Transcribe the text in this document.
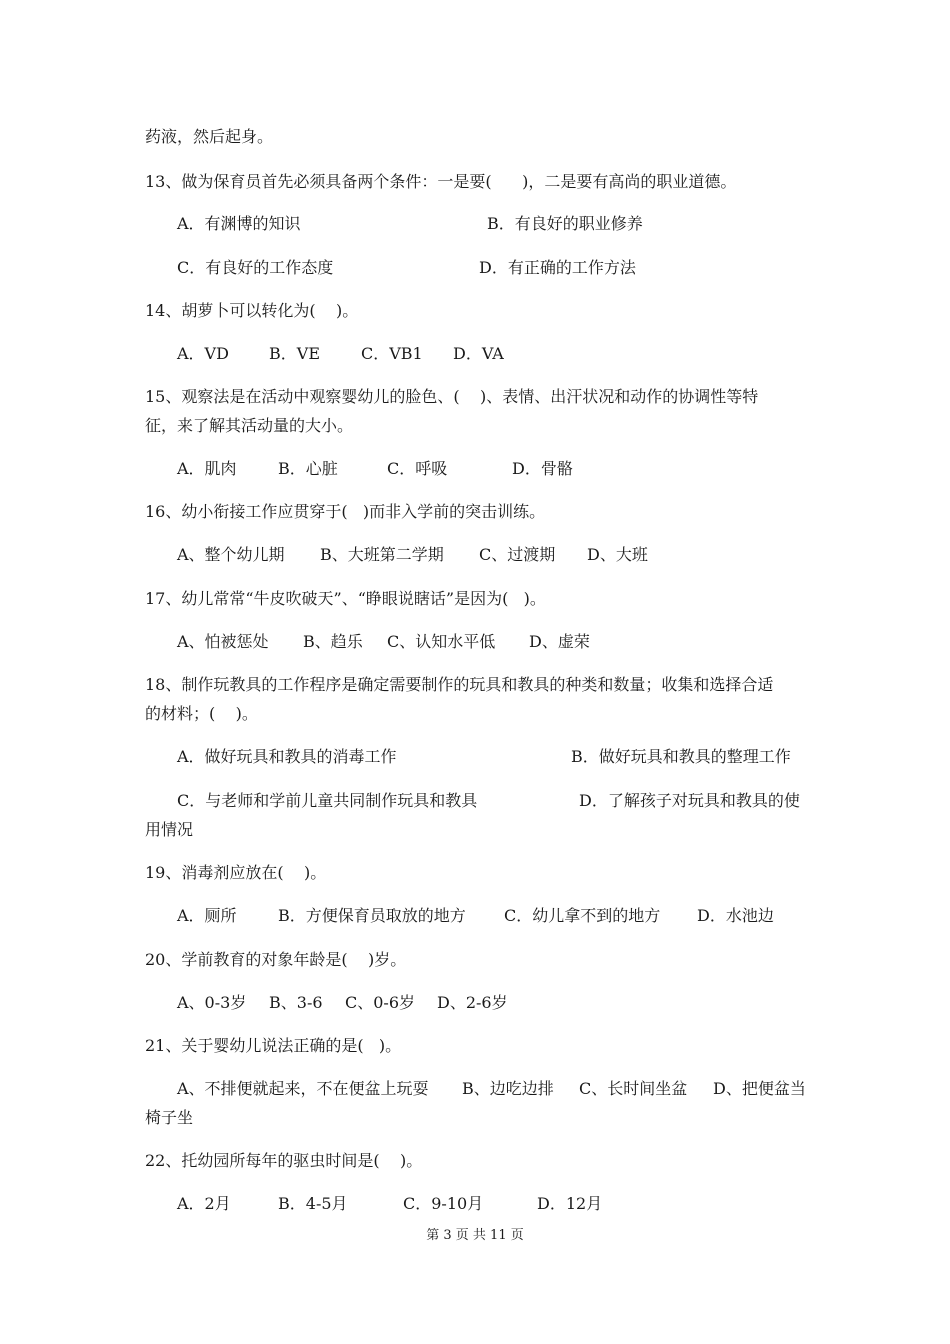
药液，然后起身。
13、做为保育员首先必须具备两个条件：一是要(      )，二是要有高尚的职业道德。
A．有渊博的知识	B．有良好的职业修养
C．有良好的工作态度	D．有正确的工作方法
14、胡萝卜可以转化为(    )。
A．VD	B．VE	C．VB1 D．VA
15、观察法是在活动中观察婴幼儿的脸色、(    )、表情、出汗状况和动作的协调性等特
征，来了解其活动量的大小。
A．肌肉	B．心脏	C．呼吸	D．骨骼
16、幼小衔接工作应贯穿于(   )而非入学前的突击训练。
A、整个幼儿期 B、大班第二学期 C、过渡期 D、大班
17、幼儿常常“牛皮吹破天”、“睁眼说瞎话”是因为(   )。
A、怕被惩处 B、趋乐 C、认知水平低 D、虚荣
18、制作玩教具的工作程序是确定需要制作的玩具和教具的种类和数量；收集和选择合适
的材料；(    )。
A．做好玩具和教具的消毒工作	B．做好玩具和教具的整理工作
C．与老师和学前儿童共同制作玩具和教具	D．了解孩子对玩具和教具的使
用情况
19、消毒剂应放在(    )。
A．厕所	B．方便保育员取放的地方 C．幼儿拿不到的地方 D．水池边
20、学前教育的对象年龄是(    )岁。
A、0-3岁 B、3-6 C、0-6岁 D、2-6岁
21、关于婴幼儿说法正确的是(   )。
A、不排便就起来，不在便盆上玩耍 B、边吃边排 C、长时间坐盆 D、把便盆当
椅子坐
22、托幼园所每年的驱虫时间是(    )。
A．2月	B．4-5月	C．9-10月	D．12月
第 3 页 共 11 页
